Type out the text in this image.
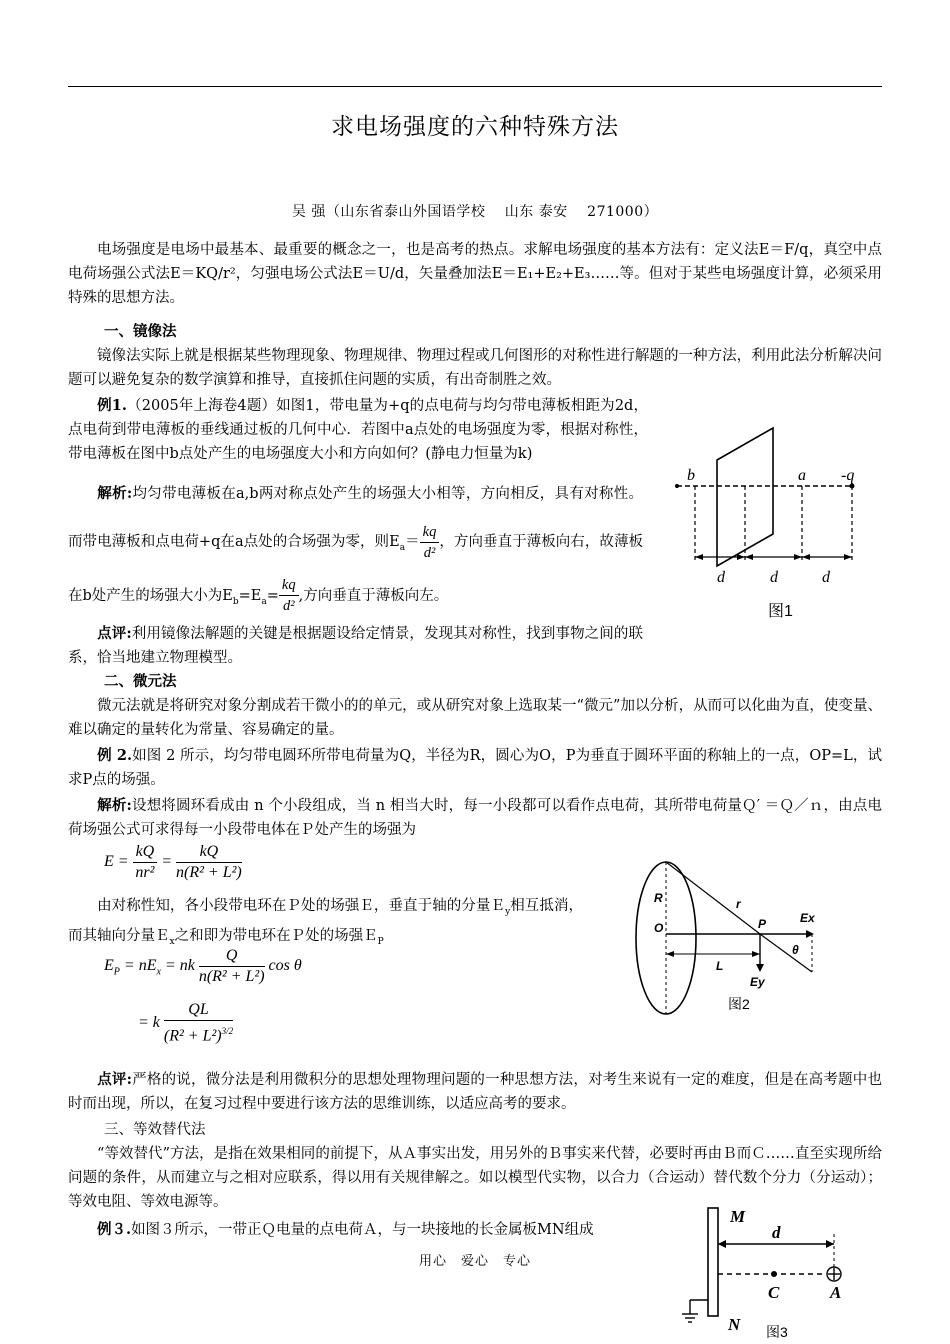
求电场强度的六种特殊方法
吴 强（山东省泰山外国语学校　 山东 泰安　 271000）
电场强度是电场中最基本、最重要的概念之一，也是高考的热点。求解电场强度的基本方法有：定义法E＝F/q，真空中点电荷场强公式法E＝KQ/r²，匀强电场公式法E＝U/d，矢量叠加法E＝E₁+E₂+E₃……等。但对于某些电场强度计算，必须采用特殊的思想方法。
一、镜像法
镜像法实际上就是根据某些物理现象、物理规律、物理过程或几何图形的对称性进行解题的一种方法，利用此法分析解决问题可以避免复杂的数学演算和推导，直接抓住问题的实质，有出奇制胜之效。
例1.（2005年上海卷4题）如图1，带电量为+q的点电荷与均匀带电薄板相距为2d，点电荷到带电薄板的垂线通过板的几何中心．若图中a点处的电场强度为零，根据对称性，带电薄板在图中b点处产生的电场强度大小和方向如何？(静电力恒量为k)
解析:均匀带电薄板在a,b两对称点处产生的场强大小相等，方向相反，具有对称性。而带电薄板和点电荷+q在a点处的合场强为零，则$E_a= \frac{kq}{\text{d²}}$ ，方向垂直于薄板向右，故薄板在b处产生的场强大小为$E_b=E_a= \frac{kq}{\text{d²}}$ ,方向垂直于薄板向左。
点评:利用镜像法解题的关键是根据题设给定情景，发现其对称性，找到事物之间的联系，恰当地建立物理模型。
b	a -q
d	d	d
图1
二、微元法
微元法就是将研究对象分割成若干微小的的单元，或从研究对象上选取某一“微元”加以分析，从而可以化曲为直，使变量、难以确定的量转化为常量、容易确定的量。
例 2.如图 2 所示，均匀带电圆环所带电荷量为Q，半径为R，圆心为O，P为垂直于圆环平面的称轴上的一点，OP=L，试求P点的场强。
解析:设想将圆环看成由 n 个小段组成，当 n 相当大时，每一小段都可以看作点电荷，其所带电荷量Ｑ′ ＝Ｑ／ｎ，由点电荷场强公式可求得每一小段带电体在Ｐ处产生的场强为
$E = \frac{kQ}{\text{nr²}} = \frac{kQ}{\text{n(R² + L²)}}$
由对称性知，各小段带电环在Ｐ处的场强Ｅ，垂直于轴的分量Ｅ$_y$相互抵消，而其轴向分量Ｅ$_x$之和即为带电环在Ｐ处的场强Ｅ$_P$
$E_P = nE_x$ = nk $\frac{Q}{\text{n(R² + L²)}}$ cos θ
= k $\frac{QL}{(R^2 + L^2)^{3/2}}$
R
O
r
P	Ex
L
θ
Ey
图2
点评:严格的说，微分法是利用微积分的思想处理物理问题的一种思想方法，对考生来说有一定的难度，但是在高考题中也时而出现，所以，在复习过程中要进行该方法的思维训练，以适应高考的要求。
三、等效替代法
“等效替代”方法，是指在效果相同的前提下，从Ａ事实出发，用另外的Ｂ事实来代替，必要时再由Ｂ而Ｃ……直至实现所给问题的条件，从而建立与之相对应联系，得以用有关规律解之。如以模型代实物，以合力（合运动）替代数个分力（分运动）；等效电阻、等效电源等。
例３.如图３所示，一带正Ｑ电量的点电荷Ａ，与一块接地的长金属板MN组成
M
d
C	A
N 图3
用心　爱心　专心
